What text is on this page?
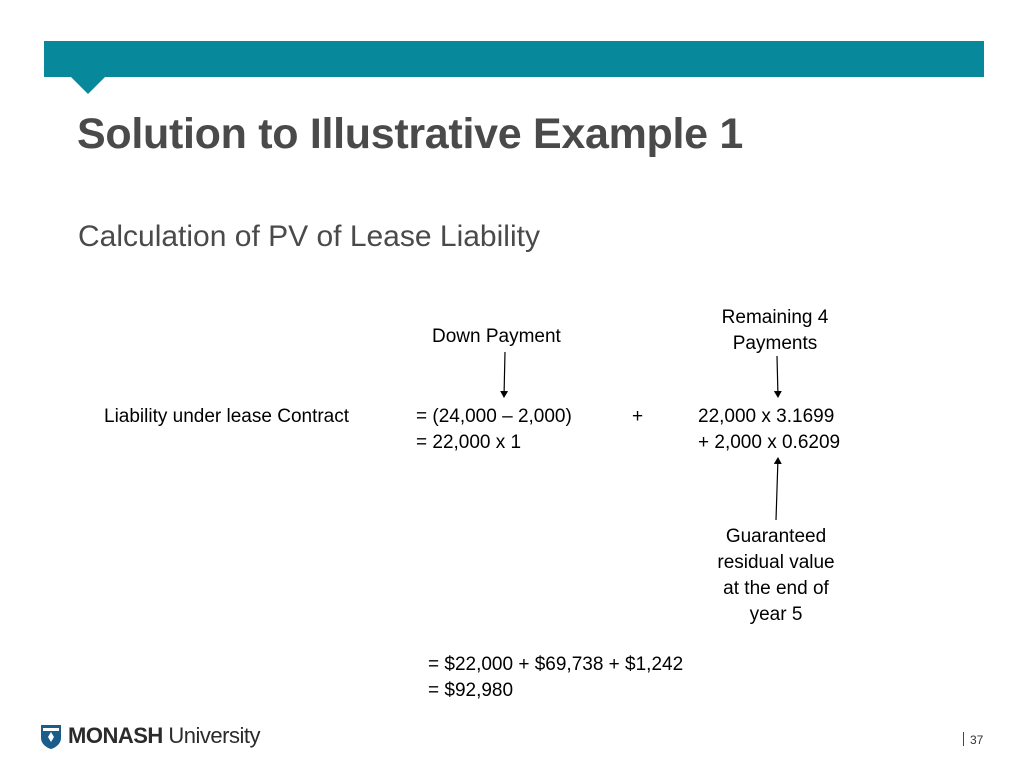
Solution to Illustrative Example 1
Calculation of PV of Lease Liability
Down Payment
Remaining 4
Payments
Liability under lease Contract	= (24,000 – 2,000)
= 22,000 x 1
+	22,000 x 3.1699
+ 2,000 x 0.6209
Guaranteed
residual value
at the end of
year 5
= $22,000 + $69,738 + $1,242
= $92,980
MONASH University	37
